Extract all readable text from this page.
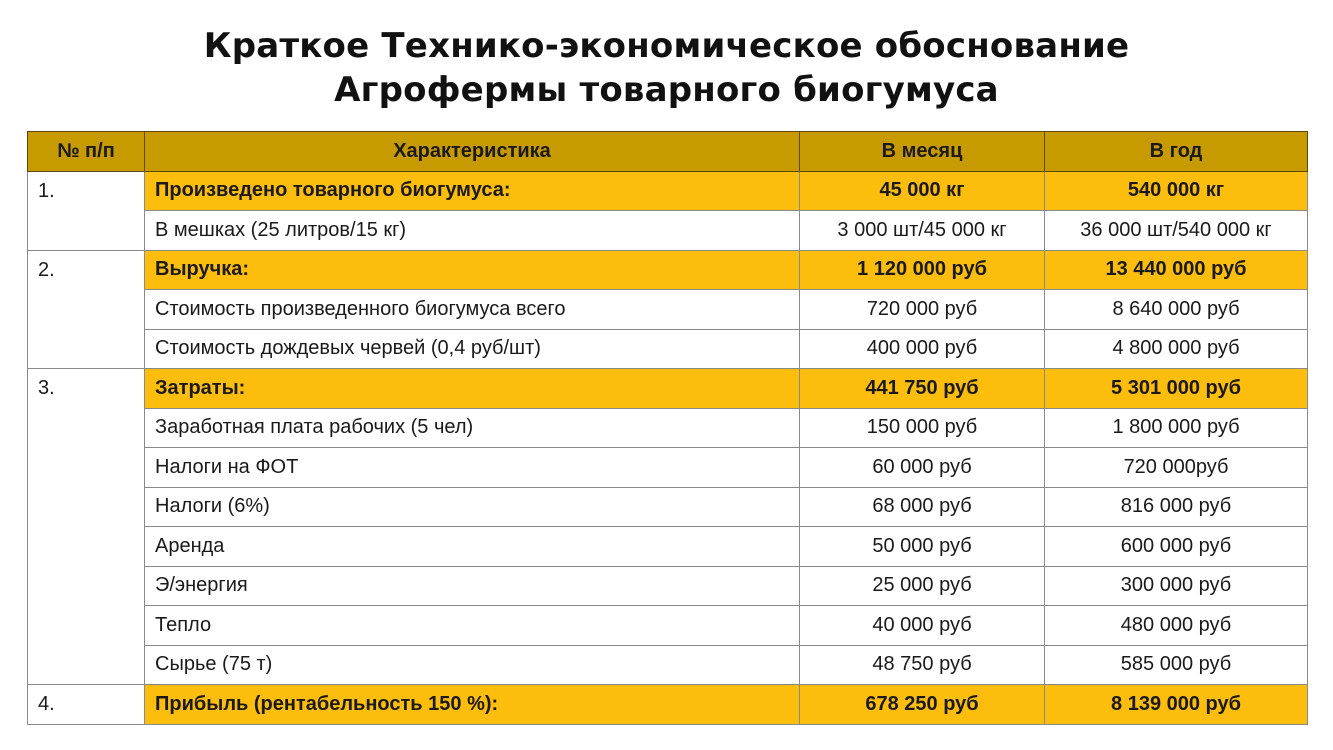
Краткое Технико-экономическое обоснование
Агрофермы товарного биогумуса
№ п/п	Характеристика	В месяц	В год
1.	Произведено товарного биогумуса:	45 000 кг	540 000 кг
	В мешках (25 литров/15 кг)	3 000 шт/45 000 кг	36 000 шт/540 000 кг
2.	Выручка:	1 120 000 руб	13 440 000 руб
	Стоимость произведенного биогумуса всего	720 000 руб	8 640 000 руб
	Стоимость дождевых червей (0,4 руб/шт)	400 000 руб	4 800 000 руб
3.	Затраты:	441 750 руб	5 301 000 руб
	Заработная плата рабочих (5 чел)	150 000 руб	1 800 000 руб
	Налоги на ФОТ	60 000 руб	720 000руб
	Налоги (6%)	68 000 руб	816 000 руб
	Аренда	50 000 руб	600 000 руб
	Э/энергия	25 000 руб	300 000 руб
	Тепло	40 000 руб	480 000 руб
	Сырье (75 т)	48 750 руб	585 000 руб
4.	Прибыль (рентабельность 150 %):	678 250 руб	8 139 000 руб
